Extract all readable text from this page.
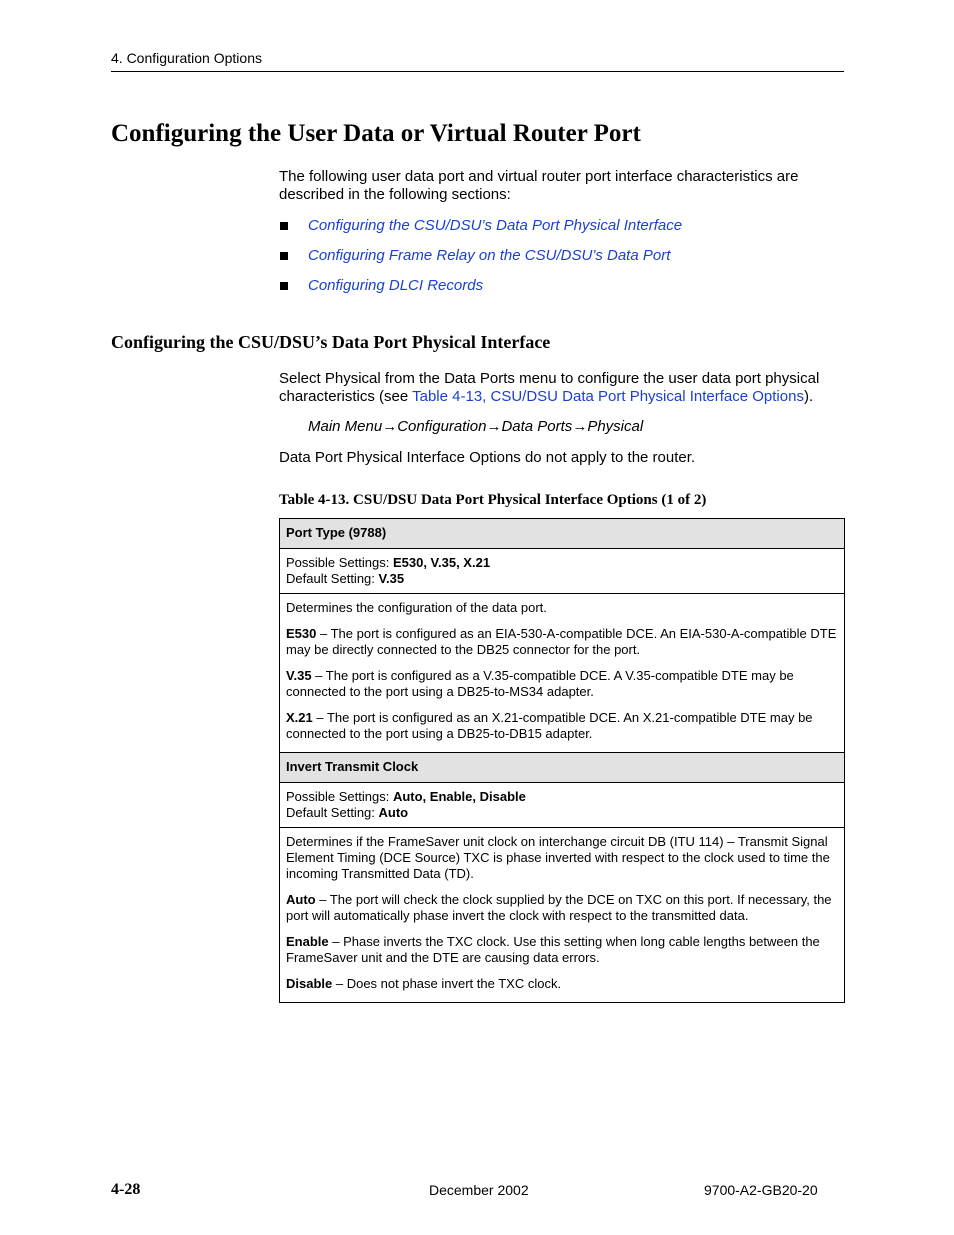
4. Configuration Options
Configuring the User Data or Virtual Router Port
The following user data port and virtual router port interface characteristics are described in the following sections:
Configuring the CSU/DSU’s Data Port Physical Interface
Configuring Frame Relay on the CSU/DSU’s Data Port
Configuring DLCI Records
Configuring the CSU/DSU’s Data Port Physical Interface
Select Physical from the Data Ports menu to configure the user data port physical characteristics (see Table 4-13, CSU/DSU Data Port Physical Interface Options).
Main Menu→Configuration→Data Ports→Physical
Data Port Physical Interface Options do not apply to the router.
Table 4-13. CSU/DSU Data Port Physical Interface Options (1 of 2)
Port Type (9788)
Possible Settings: E530, V.35, X.21
Default Setting: V.35

Determines the configuration of the data port.

E530 – The port is configured as an EIA-530-A-compatible DCE. An EIA-530-A-compatible DTE may be directly connected to the DB25 connector for the port.

V.35 – The port is configured as a V.35-compatible DCE. A V.35-compatible DTE may be connected to the port using a DB25-to-MS34 adapter.

X.21 – The port is configured as an X.21-compatible DCE. An X.21-compatible DTE may be connected to the port using a DB25-to-DB15 adapter.

Invert Transmit Clock
Possible Settings: Auto, Enable, Disable
Default Setting: Auto

Determines if the FrameSaver unit clock on interchange circuit DB (ITU 114) – Transmit Signal Element Timing (DCE Source) TXC is phase inverted with respect to the clock used to time the incoming Transmitted Data (TD).

Auto – The port will check the clock supplied by the DCE on TXC on this port. If necessary, the port will automatically phase invert the clock with respect to the transmitted data.

Enable – Phase inverts the TXC clock. Use this setting when long cable lengths between the FrameSaver unit and the DTE are causing data errors.

Disable – Does not phase invert the TXC clock.

4-28	December 2002	9700-A2-GB20-20
